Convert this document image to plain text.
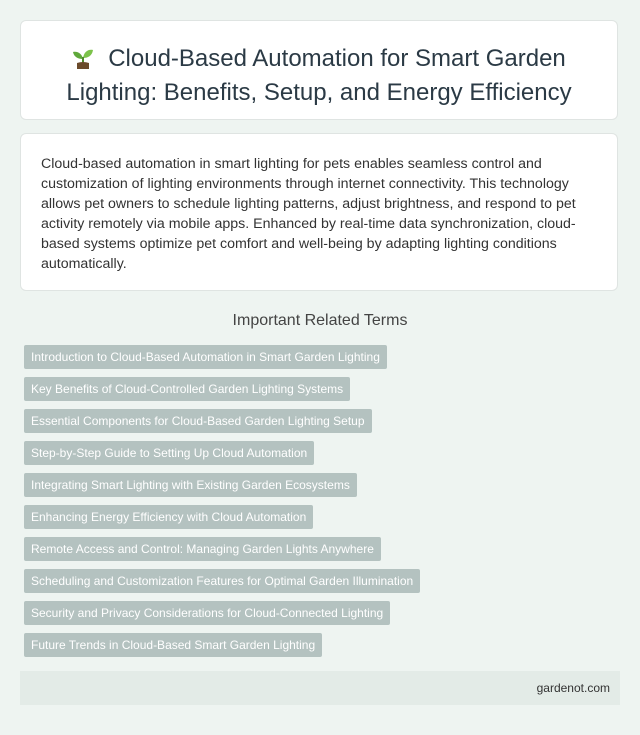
Cloud-Based Automation for Smart Garden Lighting: Benefits, Setup, and Energy Efficiency

Cloud-based automation in smart lighting for pets enables seamless control and customization of lighting environments through internet connectivity. This technology allows pet owners to schedule lighting patterns, adjust brightness, and respond to pet activity remotely via mobile apps. Enhanced by real-time data synchronization, cloud-based systems optimize pet comfort and well-being by adapting lighting conditions automatically.

Important Related Terms
Introduction to Cloud-Based Automation in Smart Garden Lighting
Key Benefits of Cloud-Controlled Garden Lighting Systems
Essential Components for Cloud-Based Garden Lighting Setup
Step-by-Step Guide to Setting Up Cloud Automation
Integrating Smart Lighting with Existing Garden Ecosystems
Enhancing Energy Efficiency with Cloud Automation
Remote Access and Control: Managing Garden Lights Anywhere
Scheduling and Customization Features for Optimal Garden Illumination
Security and Privacy Considerations for Cloud-Connected Lighting
Future Trends in Cloud-Based Smart Garden Lighting
gardenot.com
